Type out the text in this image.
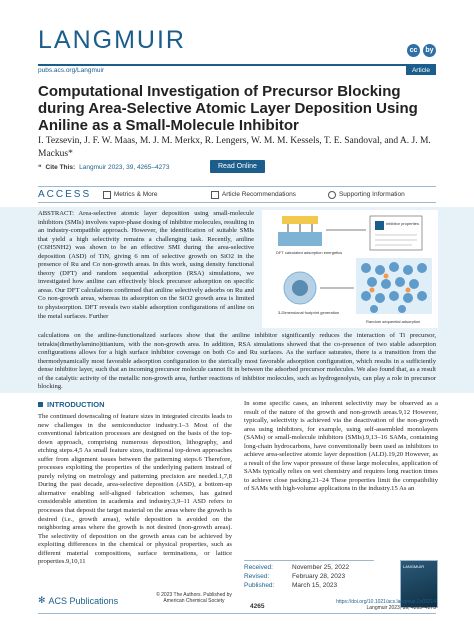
LANGMUIR	cc	by
pubs.acs.org/Langmuir	Article
Computational Investigation of Precursor Blocking during Area-Selective Atomic Layer Deposition Using Aniline as a Small-Molecule Inhibitor
I. Tezsevin, J. F. W. Maas, M. J. M. Merkx, R. Lengers, W. M. M. Kessels, T. E. Sandoval, and A. J. M. Mackus*
❝ Cite This: Langmuir 2023, 39, 4265–4273	Read Online
ACCESS	Metrics & More	Article Recommendations	Supporting Information
ABSTRACT: Area-selective atomic layer deposition using small-molecule inhibitors (SMIs) involves vapor-phase dosing of inhibitor molecules, resulting in an industry-compatible approach. However, the identification of suitable SMIs that yield a high selectivity remains a challenging task. Recently, aniline (C6H5NH2) was shown to be an effective SMI during the area-selective deposition (ASD) of TiN, giving 6 nm of selective growth on SiO2 in the presence of Ru and Co non-growth areas. In this work, using density functional theory (DFT) and random sequential adsorption (RSA) simulations, we investigated how aniline can effectively block precursor adsorption on specific areas. Our DFT calculations confirmed that aniline selectively adsorbs on Ru and Co non-growth areas, whereas its adsorption on the SiO2 growth area is limited to physisorption. DFT reveals two stable adsorption configurations of aniline on the metal surfaces. Further
DFT calculated adsorption energetics
inhibitor properties
3-Dimensional footprint generation
Random sequential adsorption
calculations on the aniline-functionalized surfaces show that the aniline inhibitor significantly reduces the interaction of Ti precursor, tetrakis(dimethylamino)titanium, with the non-growth area. In addition, RSA simulations showed that the co-presence of two stable adsorption configurations allows for a high surface inhibitor coverage on both Co and Ru surfaces. As the surface saturates, there is a transition from the thermodynamically most favorable adsorption configuration to the sterically most favorable adsorption configuration, which results in a sufficiently dense inhibitor layer, such that an incoming precursor molecule cannot fit in between the adsorbed precursor molecules. We also found that, as a result of the catalytic activity of the metallic non-growth area, further reactions of inhibitor molecules, such as hydrogenolysis, can play a role in precursor blocking.
INTRODUCTION

The continued downscaling of feature sizes in integrated circuits leads to new challenges in the semiconductor industry.1–3 Most of the conventional fabrication processes are designed on the basis of the top-down approach, comprising numerous deposition, lithography, and etching steps.4,5 As small feature sizes, traditional top-down approaches suffer from alignment issues between the patterning steps.6 Therefore, processes exploiting the properties of the underlying pattern instead of purely relying on metrology and patterning precision are needed.1,7,8 During the past decade, area-selective deposition (ASD), a bottom-up alternative enabling self-aligned fabrication schemes, has gained considerable attention in academia and industry.3,9–11 ASD refers to processes that deposit the target material on the areas where the growth is desired (i.e., growth areas), while deposition is avoided on the neighboring areas where the growth is not desired (non-growth areas). The selectivity of deposition on the growth areas can be achieved by exploiting differences in the chemical or physical properties, such as different material compositions, surface terminations, or lattice properties.9,10,11

In some specific cases, an inherent selectivity may be observed as a result of the nature of the growth and non-growth areas.9,12 However, typically, selectivity is achieved via the deactivation of the non-growth area using inhibitors, for example, using self-assembled monolayers (SAMs) or small-molecule inhibitors (SMIs).9,13–16 SAMs, containing long-chain hydrocarbons, have conventionally been used as inhibitors to achieve area-selective atomic layer deposition (ALD).19,20 However, as a result of the low vapor pressure of these large molecules, application of SAMs typically relies on wet chemistry and requires long reaction times to achieve close packing.21–24 These properties limit the compatibility of SAMs with high-volume applications in the industry.15 As an

Received:	November 25, 2022
Revised:	February 28, 2023
Published:	March 15, 2023
LANGMUIR
✻ ACS Publications
© 2023 The Authors. Published by American Chemical Society
4265
https://doi.org/10.1021/acs.langmuir.2c03214
Langmuir 2023, 39, 4265–4273
